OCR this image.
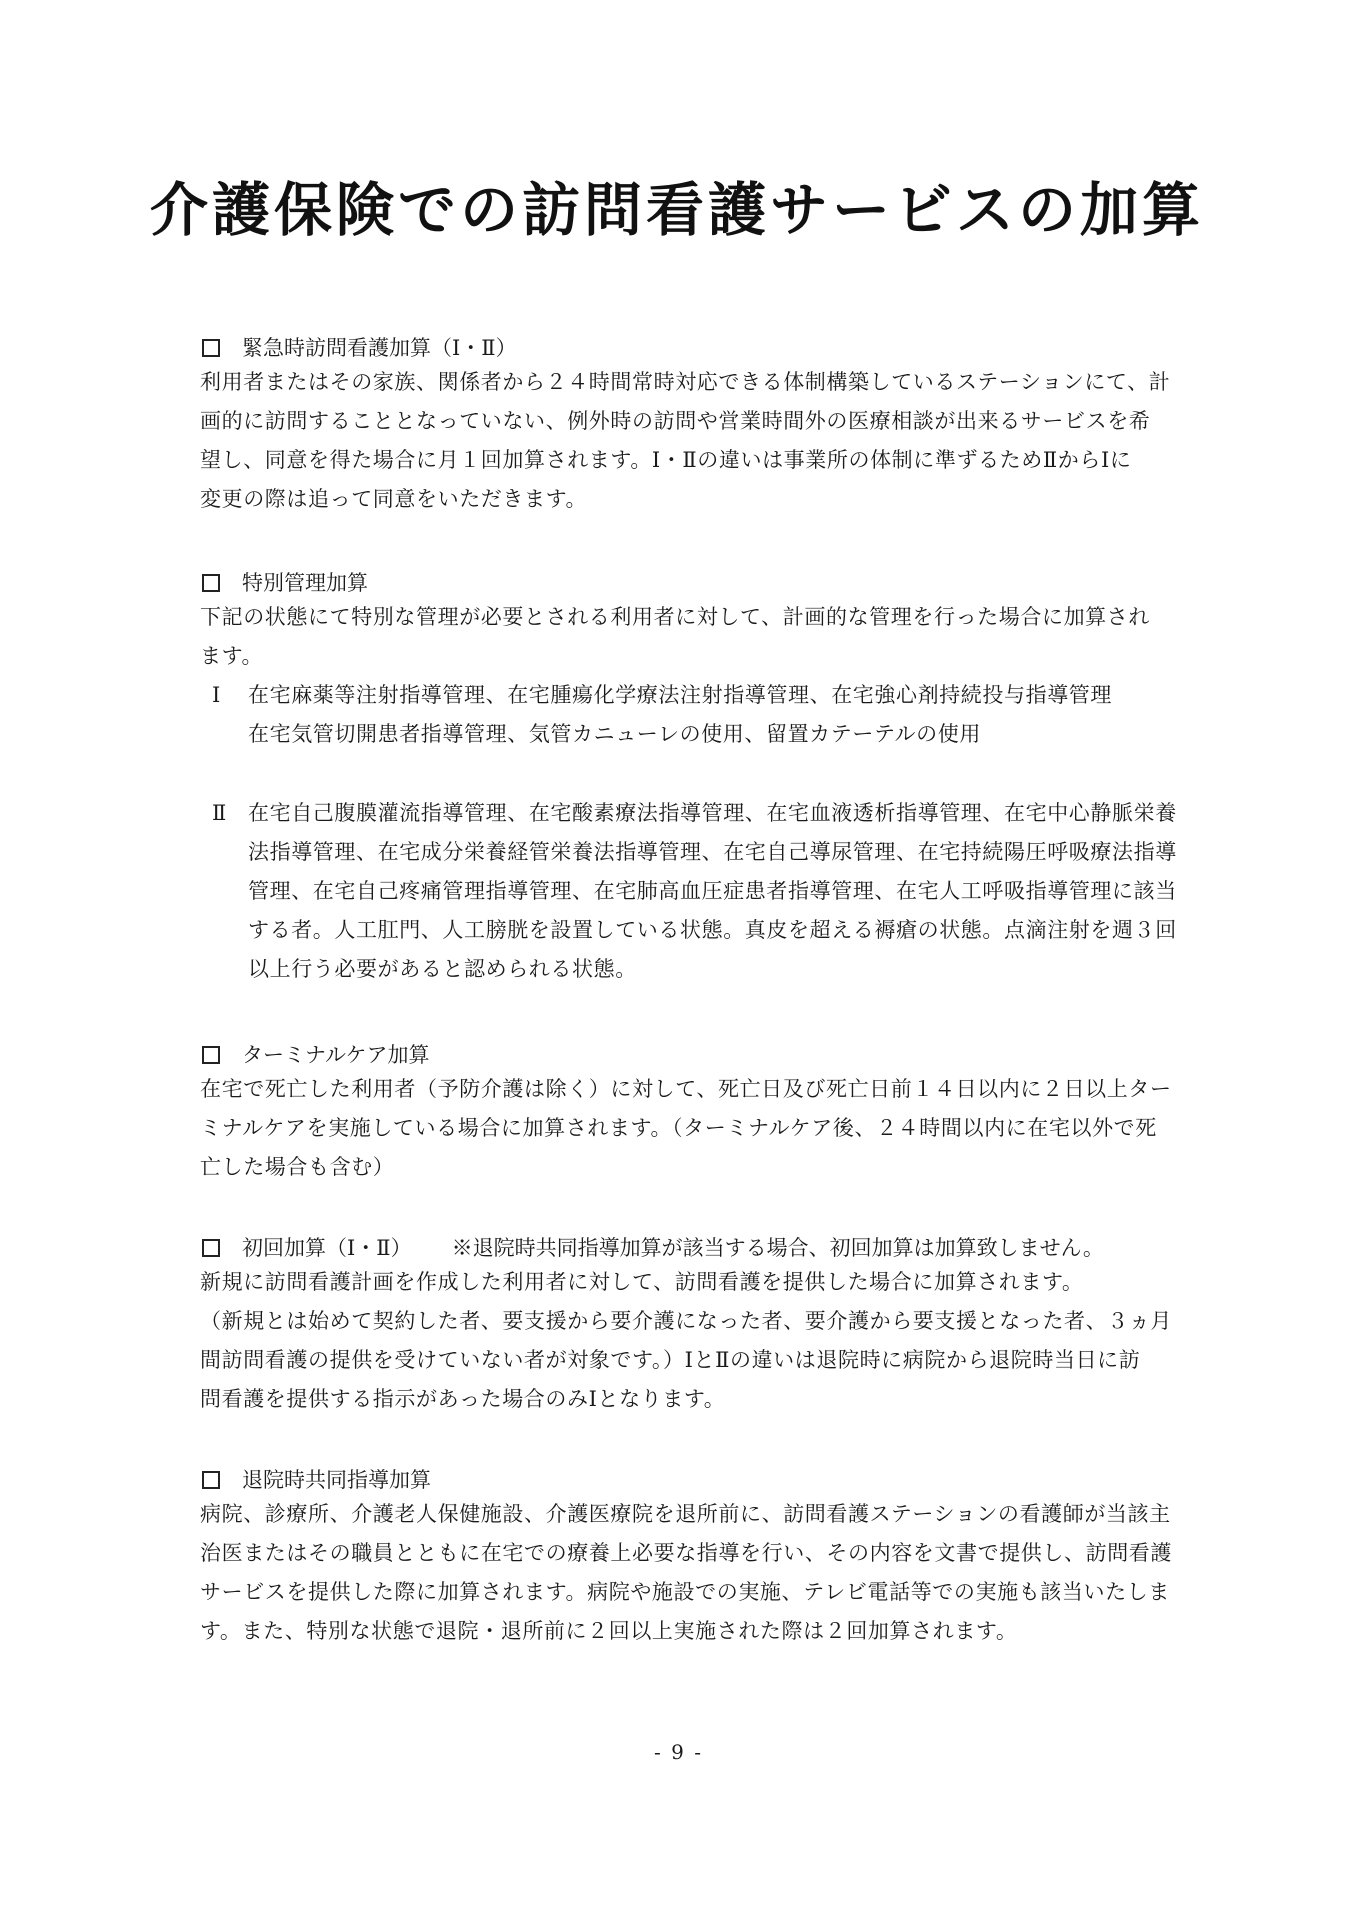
介護保険での訪問看護サービスの加算
緊急時訪問看護加算（Ⅰ・Ⅱ）
利用者またはその家族、関係者から２４時間常時対応できる体制構築しているステーションにて、計
画的に訪問することとなっていない、例外時の訪問や営業時間外の医療相談が出来るサービスを希
望し、同意を得た場合に月１回加算されます。Ⅰ・Ⅱの違いは事業所の体制に準ずるためⅡからⅠに
変更の際は追って同意をいただきます。
特別管理加算
下記の状態にて特別な管理が必要とされる利用者に対して、計画的な管理を行った場合に加算され
ます。
Ⅰ 在宅麻薬等注射指導管理、在宅腫瘍化学療法注射指導管理、在宅強心剤持続投与指導管理
在宅気管切開患者指導管理、気管カニューレの使用、留置カテーテルの使用
Ⅱ 在宅自己腹膜灌流指導管理、在宅酸素療法指導管理、在宅血液透析指導管理、在宅中心静脈栄養
法指導管理、在宅成分栄養経管栄養法指導管理、在宅自己導尿管理、在宅持続陽圧呼吸療法指導
管理、在宅自己疼痛管理指導管理、在宅肺高血圧症患者指導管理、在宅人工呼吸指導管理に該当
する者。人工肛門、人工膀胱を設置している状態。真皮を超える褥瘡の状態。点滴注射を週３回
以上行う必要があると認められる状態。
ターミナルケア加算
在宅で死亡した利用者（予防介護は除く）に対して、死亡日及び死亡日前１４日以内に２日以上ター
ミナルケアを実施している場合に加算されます。（ターミナルケア後、２４時間以内に在宅以外で死
亡した場合も含む）
初回加算（Ⅰ・Ⅱ） ※退院時共同指導加算が該当する場合、初回加算は加算致しません。
新規に訪問看護計画を作成した利用者に対して、訪問看護を提供した場合に加算されます。
（新規とは始めて契約した者、要支援から要介護になった者、要介護から要支援となった者、３ヵ月
間訪問看護の提供を受けていない者が対象です。）ⅠとⅡの違いは退院時に病院から退院時当日に訪
問看護を提供する指示があった場合のみⅠとなります。
退院時共同指導加算
病院、診療所、介護老人保健施設、介護医療院を退所前に、訪問看護ステーションの看護師が当該主
治医またはその職員とともに在宅での療養上必要な指導を行い、その内容を文書で提供し、訪問看護
サービスを提供した際に加算されます。病院や施設での実施、テレビ電話等での実施も該当いたしま
す。また、特別な状態で退院・退所前に２回以上実施された際は２回加算されます。
- 9 -
